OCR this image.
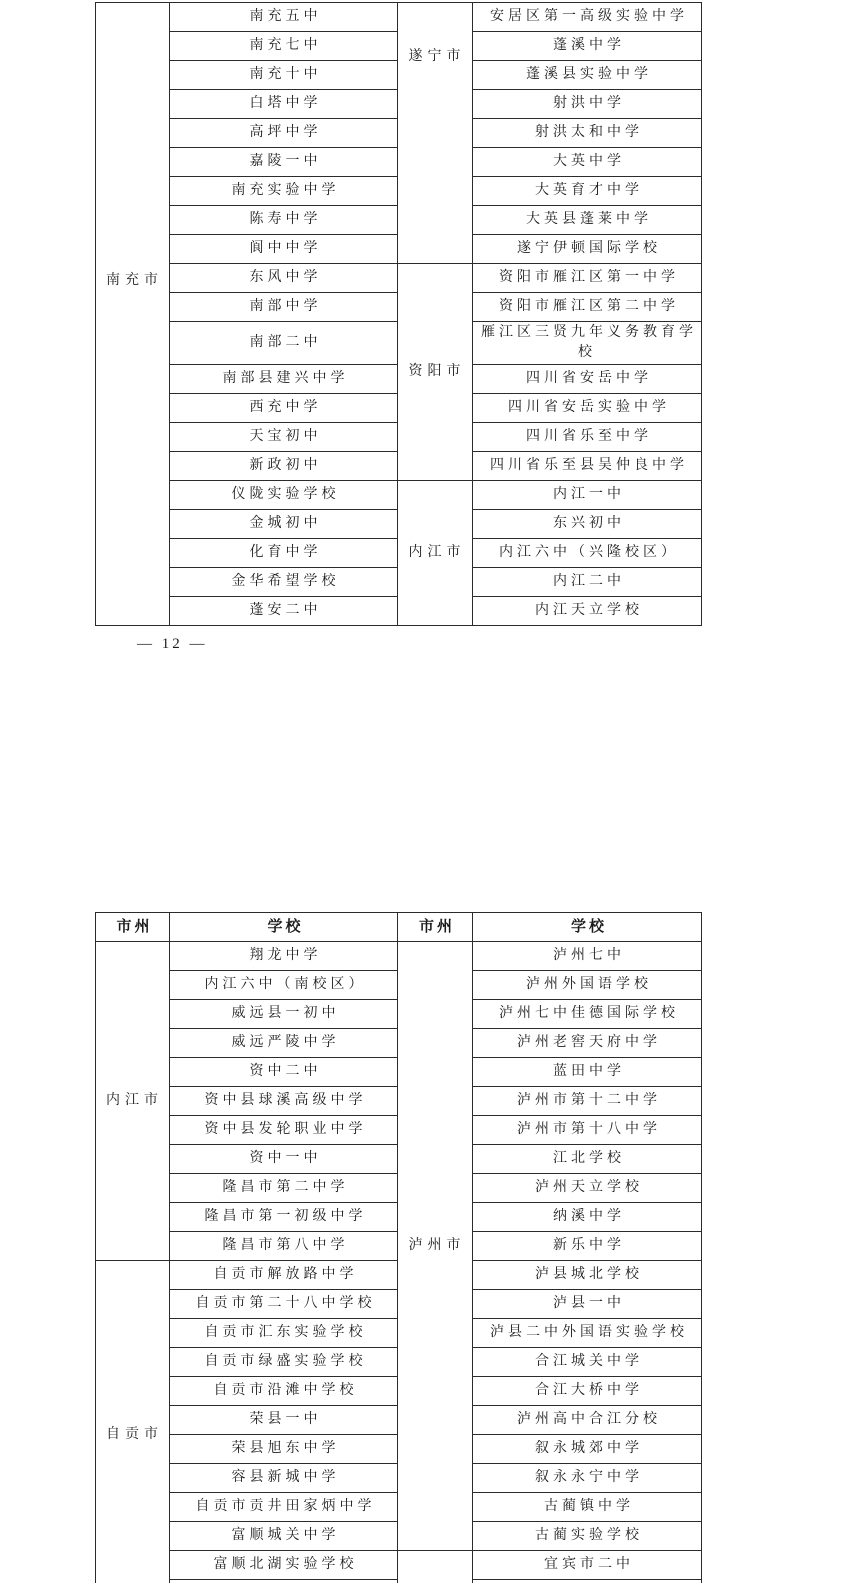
南充市	南充五中	遂宁市	安居区第一高级实验中学
	南充七中		蓬溪中学
	南充十中		蓬溪县实验中学
	白塔中学		射洪中学
	高坪中学		射洪太和中学
	嘉陵一中		大英中学
	南充实验中学		大英育才中学
	陈寿中学		大英县蓬莱中学
	阆中中学		遂宁伊顿国际学校
	东风中学	资阳市	资阳市雁江区第一中学
	南部中学		资阳市雁江区第二中学
	南部二中		雁江区三贤九年义务教育学校
	南部县建兴中学		四川省安岳中学
	西充中学		四川省安岳实验中学
	天宝初中		四川省乐至中学
	新政初中		四川省乐至县吴仲良中学
	仪陇实验学校	内江市	内江一中
	金城初中		东兴初中
	化育中学		内江六中（兴隆校区）
	金华希望学校		内江二中
	蓬安二中		内江天立学校
— 12 —
市州	学校	市州	学校
内江市	翔龙中学	泸州市	泸州七中
	内江六中（南校区）		泸州外国语学校
	威远县一初中		泸州七中佳德国际学校
	威远严陵中学		泸州老窖天府中学
	资中二中		蓝田中学
	资中县球溪高级中学		泸州市第十二中学
	资中县发轮职业中学		泸州市第十八中学
	资中一中		江北学校
	隆昌市第二中学		泸州天立学校
	隆昌市第一初级中学		纳溪中学
	隆昌市第八中学		新乐中学
自贡市	自贡市解放路中学		泸县城北学校
	自贡市第二十八中学校		泸县一中
	自贡市汇东实验学校		泸县二中外国语实验学校
	自贡市绿盛实验学校		合江城关中学
	自贡市沿滩中学校		合江大桥中学
	荣县一中		泸州高中合江分校
	荣县旭东中学		叙永城郊中学
	容县新城中学		叙永永宁中学
	自贡市贡井田家炳中学		古蔺镇中学
	富顺城关中学		古蔺实验学校
	富顺北湖实验学校		宜宾市二中
